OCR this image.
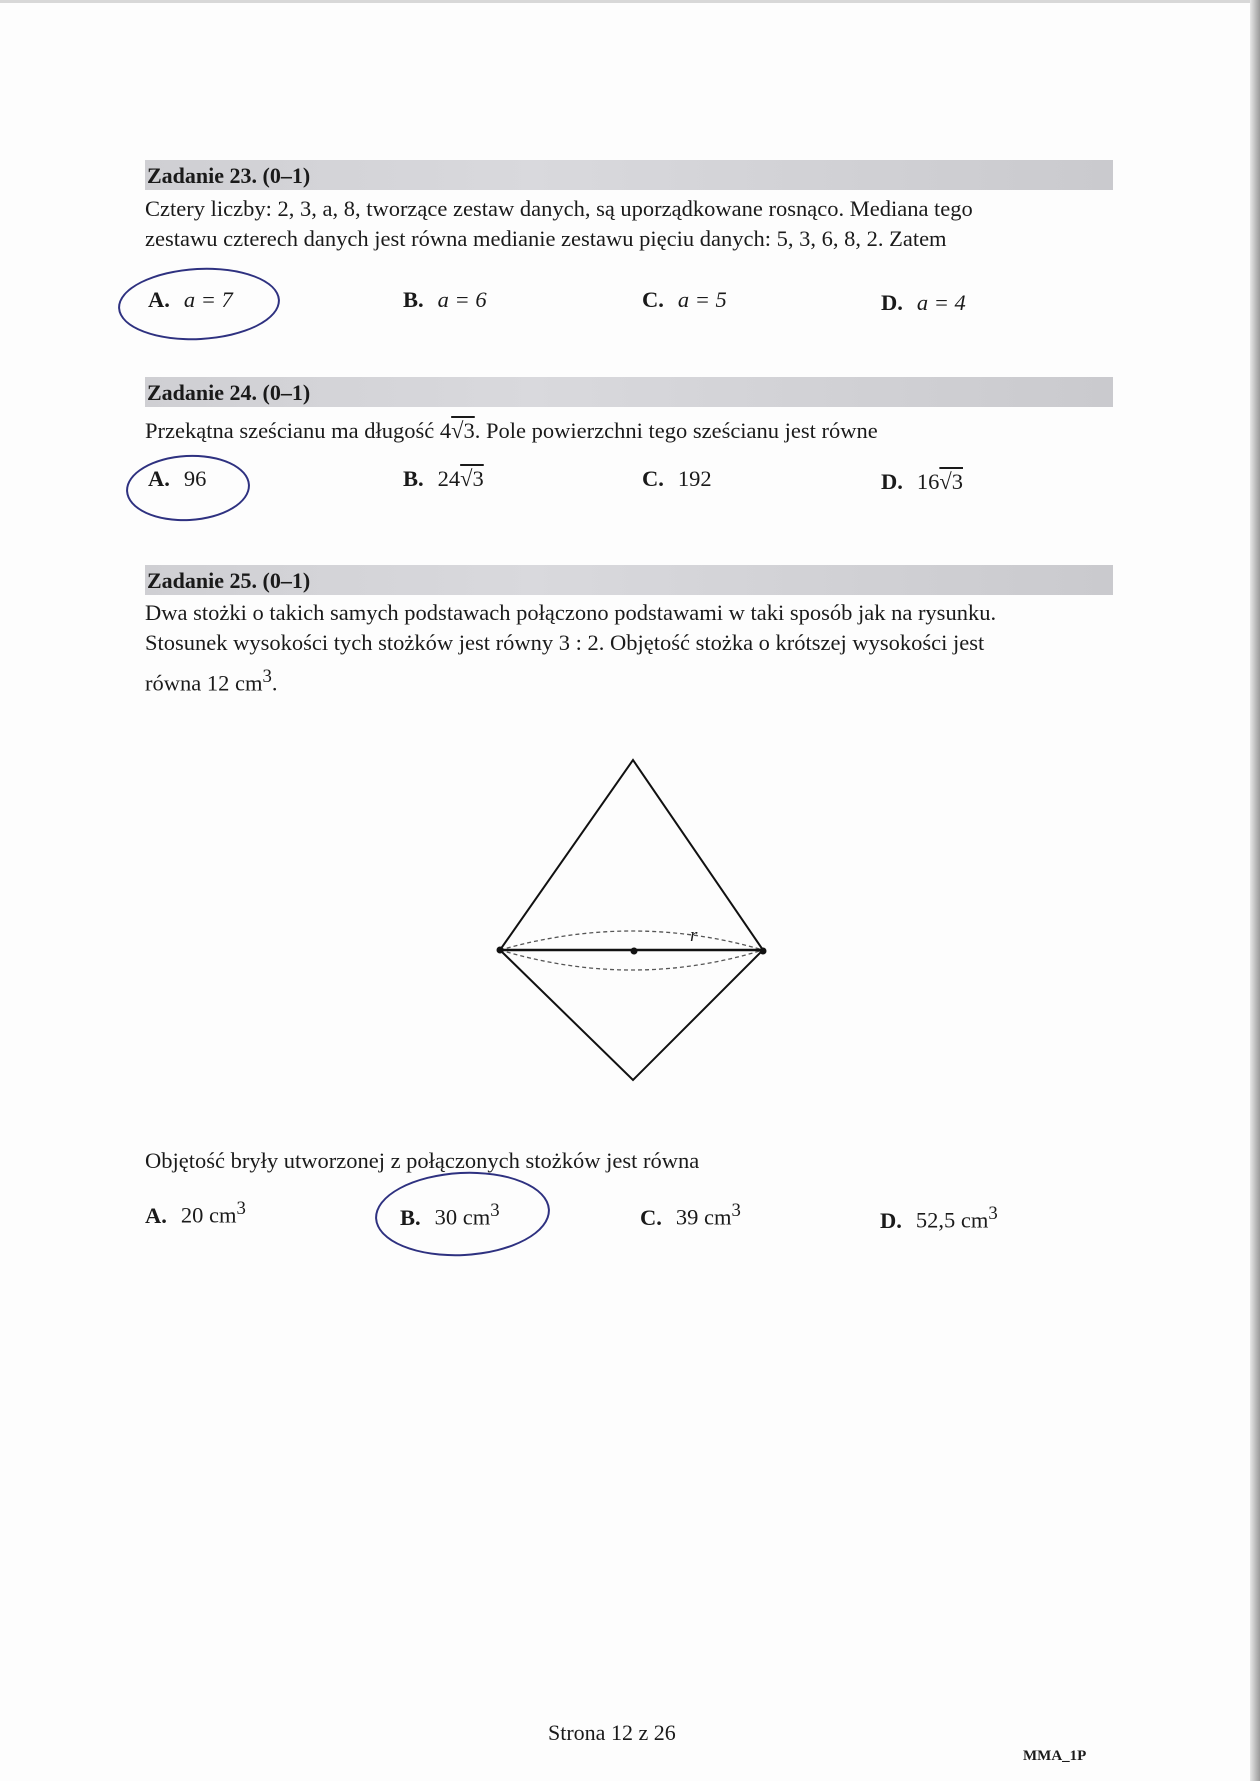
Zadanie 23. (0–1)
Cztery liczby: 2, 3, a, 8, tworzące zestaw danych, są uporządkowane rosnąco. Mediana tego
zestawu czterech danych jest równa medianie zestawu pięciu danych: 5, 3, 6, 8, 2. Zatem
A. a = 7	B. a = 6	C. a = 5	D. a = 4
Zadanie 24. (0–1)
Przekątna sześcianu ma długość 4√3. Pole powierzchni tego sześcianu jest równe
A. 96	B. 24√3	C. 192	D. 16√3
Zadanie 25. (0–1)
Dwa stożki o takich samych podstawach połączono podstawami w taki sposób jak na rysunku.
Stosunek wysokości tych stożków jest równy 3 : 2. Objętość stożka o krótszej wysokości jest
równa 12 $cm^3$.
r
Objętość bryły utworzonej z połączonych stożków jest równa
A. 20 $cm^3$	B. 30 $cm^3$	C. 39 $cm^3$	D. 52,5 $cm^3$
Strona 12 z 26
MMA_1P
